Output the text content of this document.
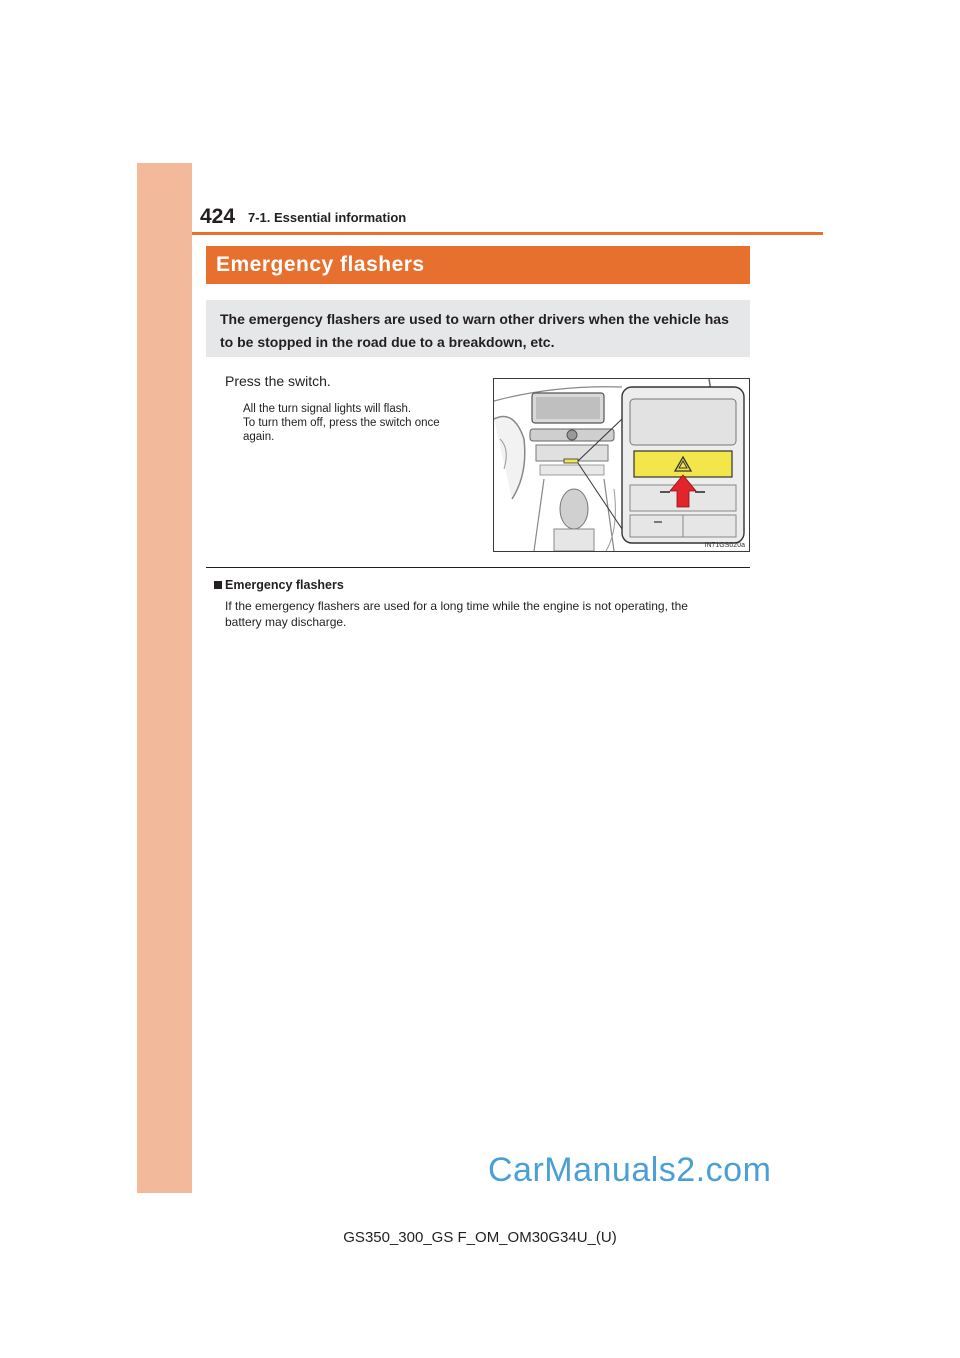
424 7-1. Essential information
Emergency flashers

The emergency flashers are used to warn other drivers when the vehicle has to be stopped in the road due to a breakdown, etc.

Press the switch.
All the turn signal lights will flash.
To turn them off, press the switch once
again.
IN71GS020a
Emergency flashers
If the emergency flashers are used for a long time while the engine is not operating, the
battery may discharge.
CarManuals2.com
GS350_300_GS F_OM_OM30G34U_(U)
